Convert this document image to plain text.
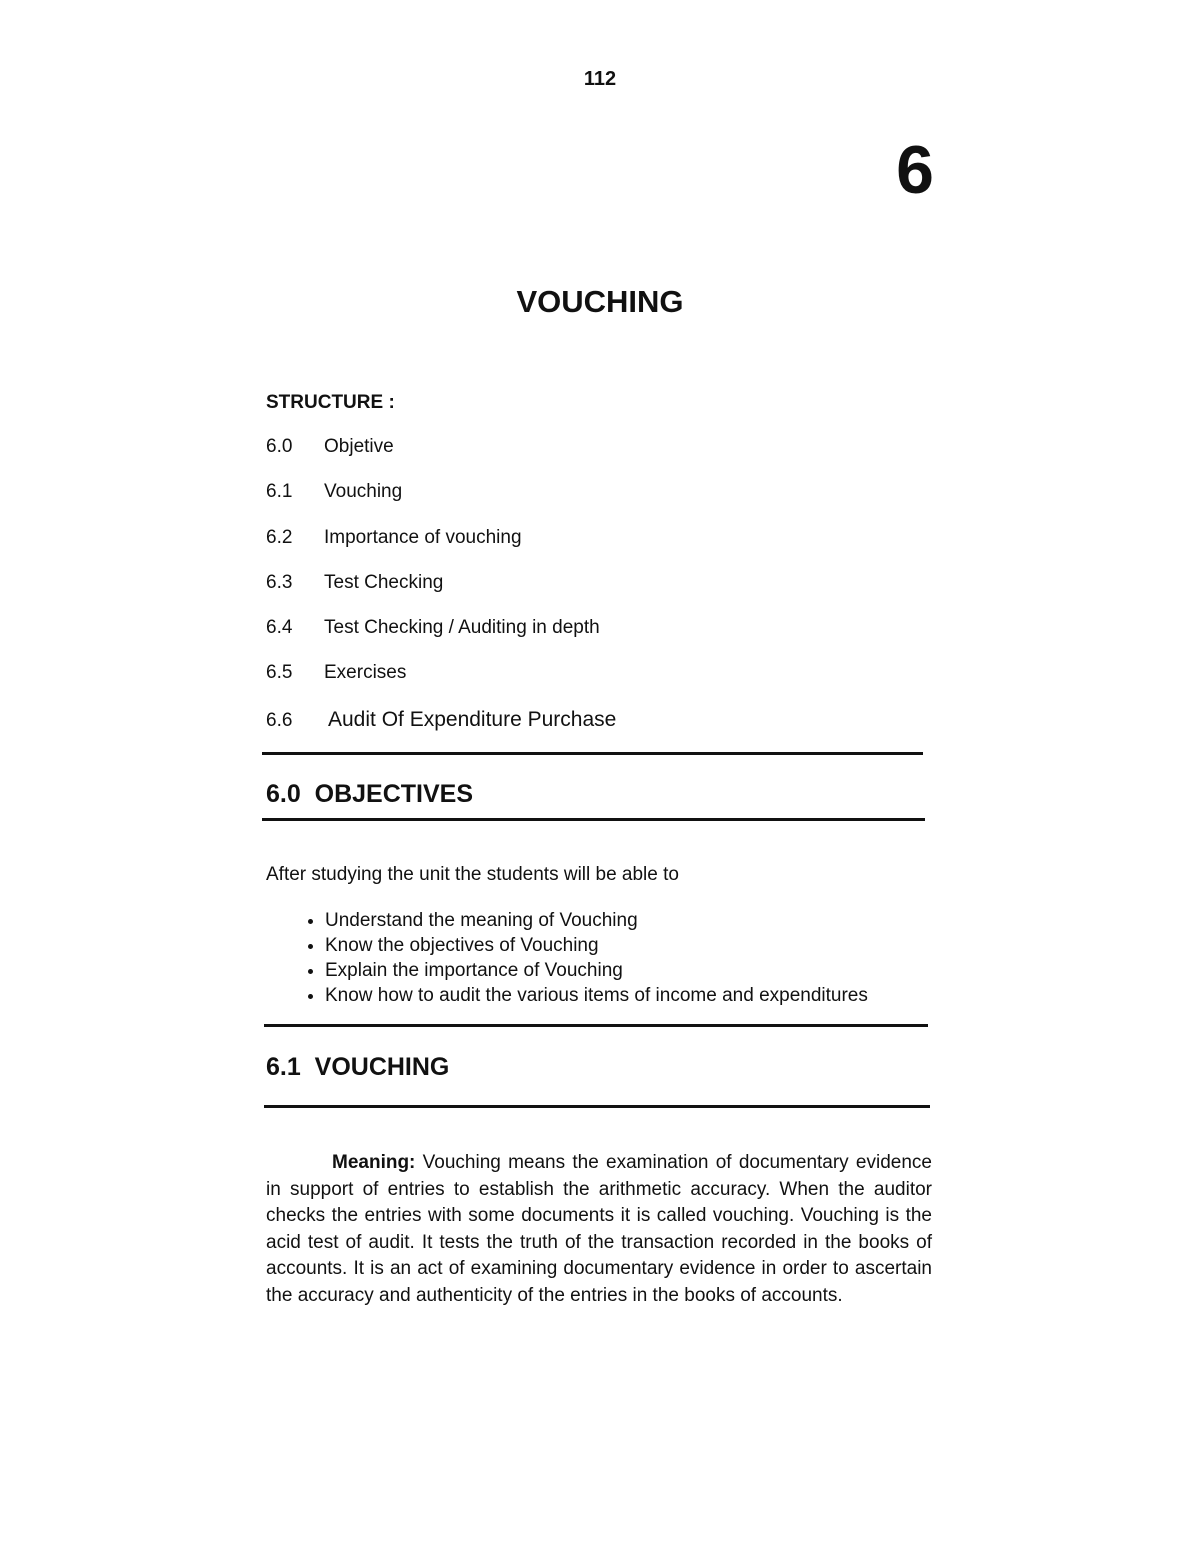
112
6
VOUCHING
STRUCTURE :
6.0	Objetive
6.1	Vouching
6.2	Importance of vouching
6.3	Test Checking
6.4	Test Checking / Auditing in depth
6.5	Exercises
6.6	Audit Of Expenditure Purchase
6.0  OBJECTIVES
After studying the unit the students will be able to
• Understand the meaning of Vouching
• Know the objectives of Vouching
• Explain the importance of Vouching
• Know how to audit the various items of income and expenditures
6.1  VOUCHING

Meaning: Vouching means the examination of documentary evidence in support of entries to establish the arithmetic accuracy. When the auditor checks the entries with some documents it is called vouching. Vouching is the acid test of audit. It tests the truth of the transaction recorded in the books of accounts. It is an act of examining documentary evidence in order to ascertain the accuracy and authenticity of the entries in the books of accounts.
